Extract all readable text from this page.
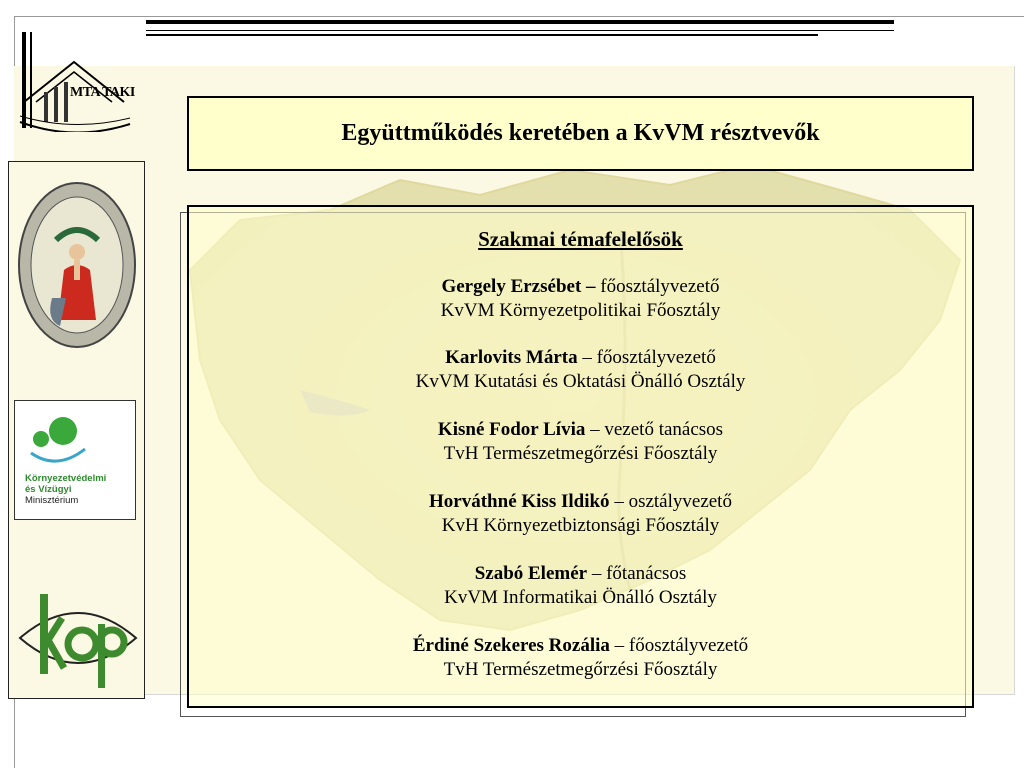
MTA TAKI
Környezetvédelmi
és Vízügyi
Minisztérium
Együttműködés keretében a KvVM résztvevők
Szakmai témafelelősök
Gergely Erzsébet – főosztályvezető
KvVM Környezetpolitikai Főosztály
Karlovits Márta – főosztályvezető
KvVM Kutatási és Oktatási Önálló Osztály
Kisné Fodor Lívia – vezető tanácsos
TvH Természetmegőrzési Főosztály
Horváthné Kiss Ildikó – osztályvezető
KvH Környezetbiztonsági Főosztály
Szabó Elemér – főtanácsos
KvVM Informatikai Önálló Osztály
Érdiné Szekeres Rozália – főosztályvezető
TvH Természetmegőrzési Főosztály
